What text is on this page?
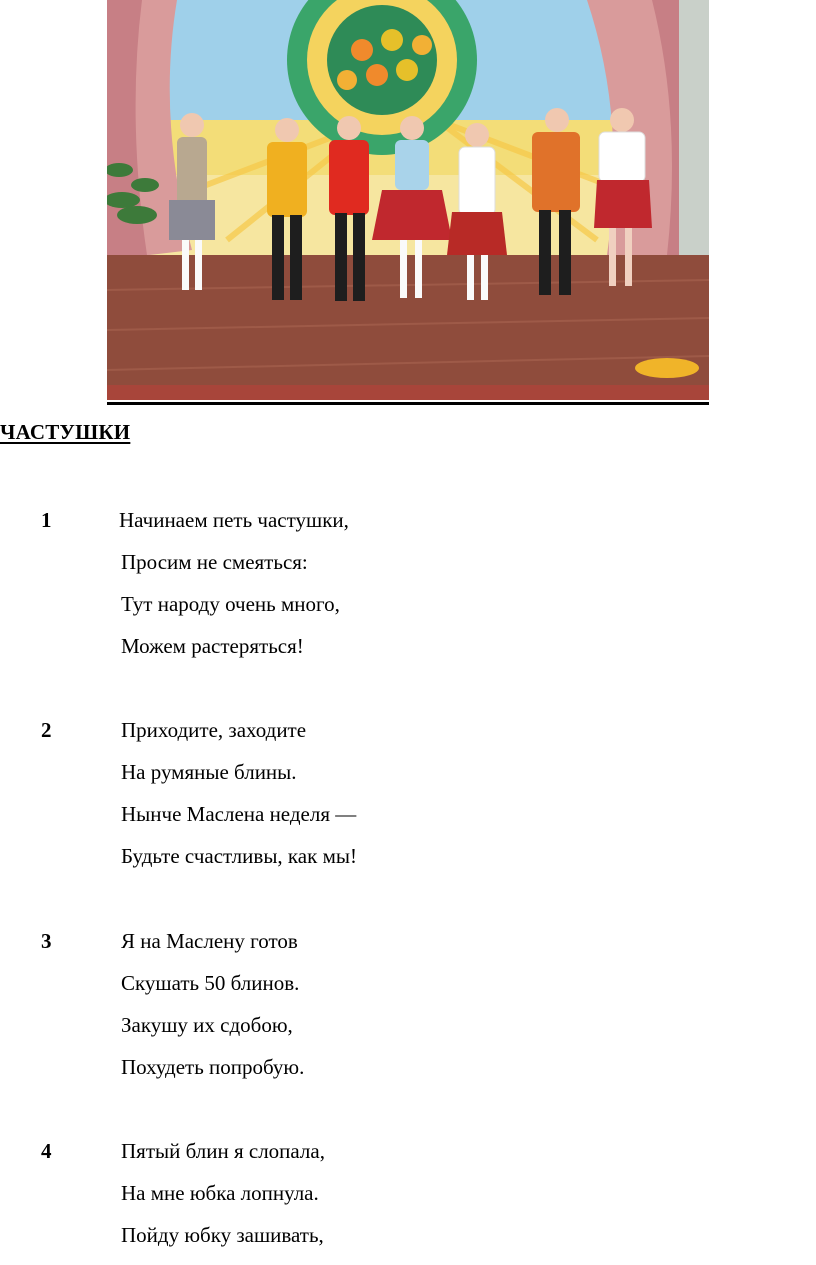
ЧАСТУШКИ
1	Начинаем петь частушки,
Просим не смеяться:
Тут народу очень много,
Можем растеряться!
2	Приходите, заходите
На румяные блины.
Нынче Маслена неделя —
Будьте счастливы, как мы!
3	Я на Маслену готов
Скушать 50 блинов.
Закушу их сдобою,
Похудеть попробую.
4	Пятый блин я слопала,
На мне юбка лопнула.
Пойду юбку зашивать,
